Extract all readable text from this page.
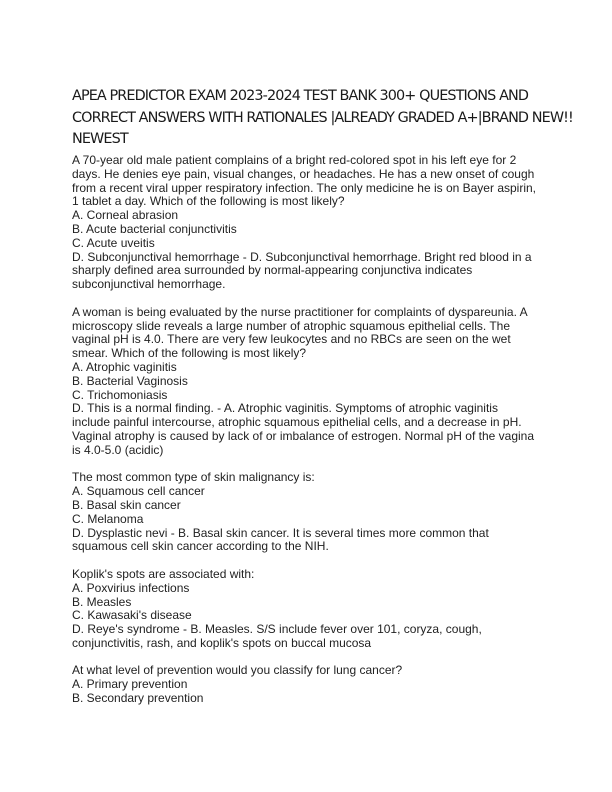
APEA PREDICTOR EXAM 2023-2024 TEST BANK 300+ QUESTIONS AND
CORRECT ANSWERS WITH RATIONALES |ALREADY GRADED A+|BRAND NEW!!
NEWEST
A 70-year old male patient complains of a bright red-colored spot in his left eye for 2
days. He denies eye pain, visual changes, or headaches. He has a new onset of cough
from a recent viral upper respiratory infection. The only medicine he is on Bayer aspirin,
1 tablet a day. Which of the following is most likely?
A. Corneal abrasion
B. Acute bacterial conjunctivitis
C. Acute uveitis
D. Subconjunctival hemorrhage - D. Subconjunctival hemorrhage. Bright red blood in a
sharply defined area surrounded by normal-appearing conjunctiva indicates
subconjunctival hemorrhage.
A woman is being evaluated by the nurse practitioner for complaints of dyspareunia. A
microscopy slide reveals a large number of atrophic squamous epithelial cells. The
vaginal pH is 4.0. There are very few leukocytes and no RBCs are seen on the wet
smear. Which of the following is most likely?
A. Atrophic vaginitis
B. Bacterial Vaginosis
C. Trichomoniasis
D. This is a normal finding. - A. Atrophic vaginitis. Symptoms of atrophic vaginitis
include painful intercourse, atrophic squamous epithelial cells, and a decrease in pH.
Vaginal atrophy is caused by lack of or imbalance of estrogen. Normal pH of the vagina
is 4.0-5.0 (acidic)
The most common type of skin malignancy is:
A. Squamous cell cancer
B. Basal skin cancer
C. Melanoma
D. Dysplastic nevi - B. Basal skin cancer. It is several times more common that
squamous cell skin cancer according to the NIH.
Koplik's spots are associated with:
A. Poxvirius infections
B. Measles
C. Kawasaki's disease
D. Reye's syndrome - B. Measles. S/S include fever over 101, coryza, cough,
conjunctivitis, rash, and koplik's spots on buccal mucosa
At what level of prevention would you classify for lung cancer?
A. Primary prevention
B. Secondary prevention
